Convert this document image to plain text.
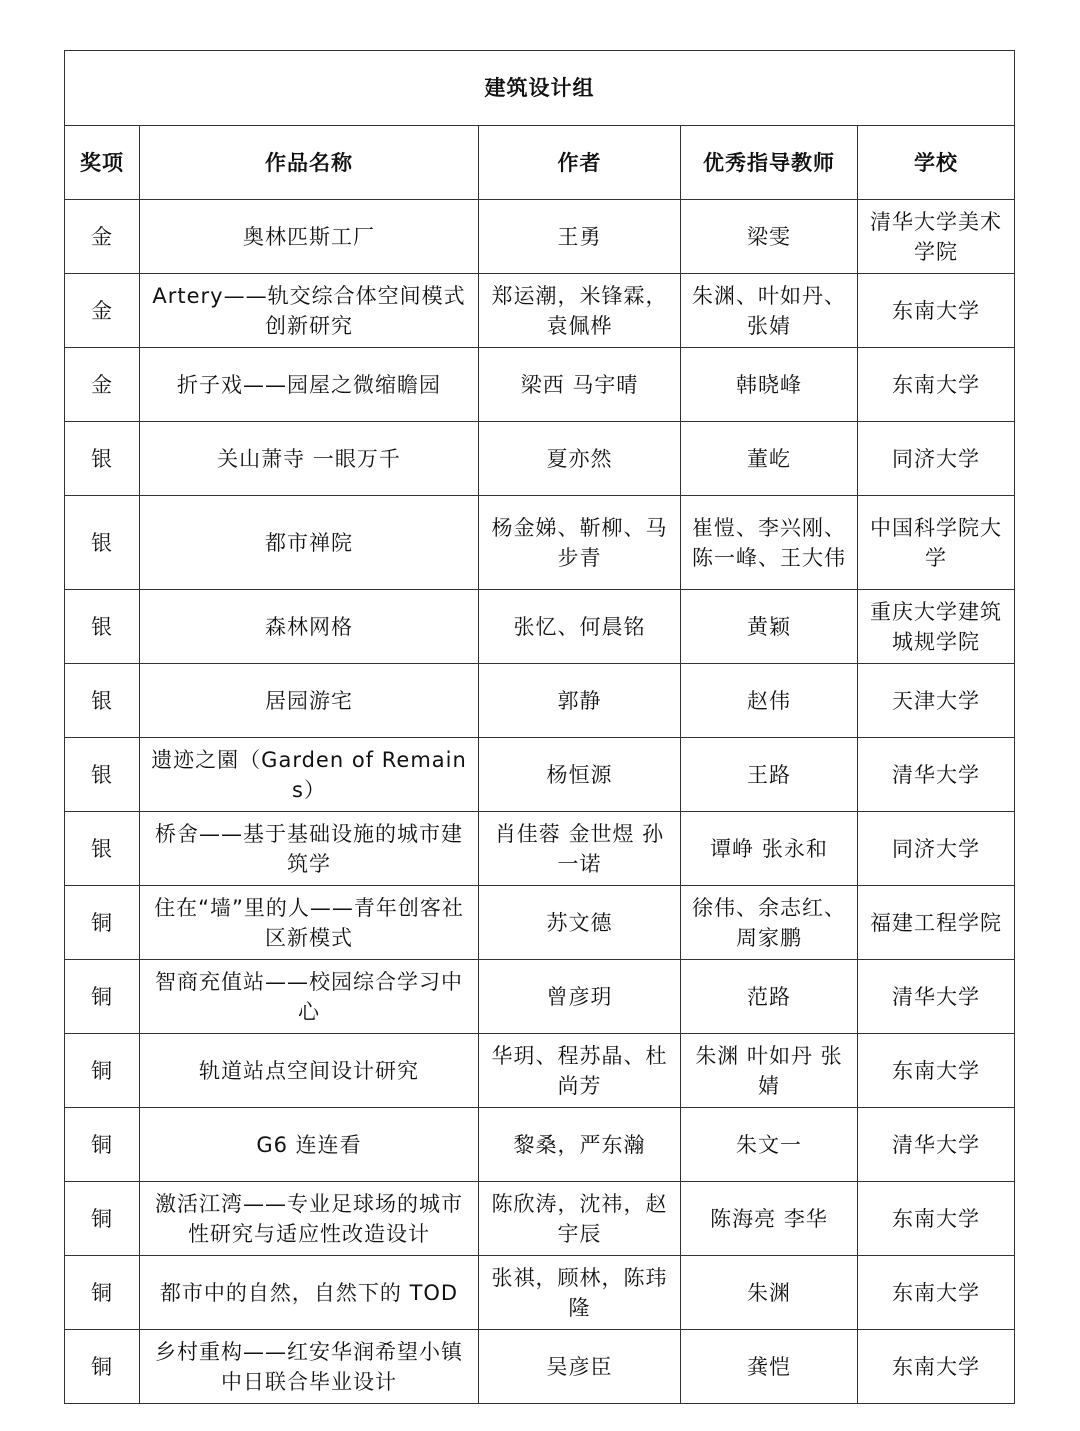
建筑设计组				
奖项	作品名称	作者	优秀指导教师	学校
金	奥林匹斯工厂	王勇	梁雯	清华大学美术学院
金	Artery——轨交综合体空间模式创新研究	郑运潮，米锋霖，袁佩桦	朱渊、叶如丹、张婧	东南大学
金	折子戏——园屋之微缩瞻园	梁西 马宇晴	韩晓峰	东南大学
银	关山萧寺 一眼万千	夏亦然	董屹	同济大学
银	都市禅院	杨金娣、靳柳、马步青	崔愷、李兴刚、陈一峰、王大伟	中国科学院大学
银	森林网格	张忆、何晨铭	黄颖	重庆大学建筑城规学院
银	居园游宅	郭静	赵伟	天津大学
银	遗迹之園（Garden of Remains）	杨恒源	王路	清华大学
银	桥舍——基于基础设施的城市建筑学	肖佳蓉 金世煜 孙一诺	谭峥 张永和	同济大学
铜	住在“墙”里的人——青年创客社区新模式	苏文德	徐伟、余志红、周家鹏	福建工程学院
铜	智商充值站——校园综合学习中心	曾彦玥	范路	清华大学
铜	轨道站点空间设计研究	华玥、程苏晶、杜尚芳	朱渊 叶如丹 张婧	东南大学
铜	G6 连连看	黎桑，严东瀚	朱文一	清华大学
铜	激活江湾——专业足球场的城市性研究与适应性改造设计	陈欣涛，沈祎，赵宇辰	陈海亮 李华	东南大学
铜	都市中的自然，自然下的 TOD	张祺，顾林，陈玮隆	朱渊	东南大学
铜	乡村重构——红安华润希望小镇中日联合毕业设计	吴彦臣	龚恺	东南大学
